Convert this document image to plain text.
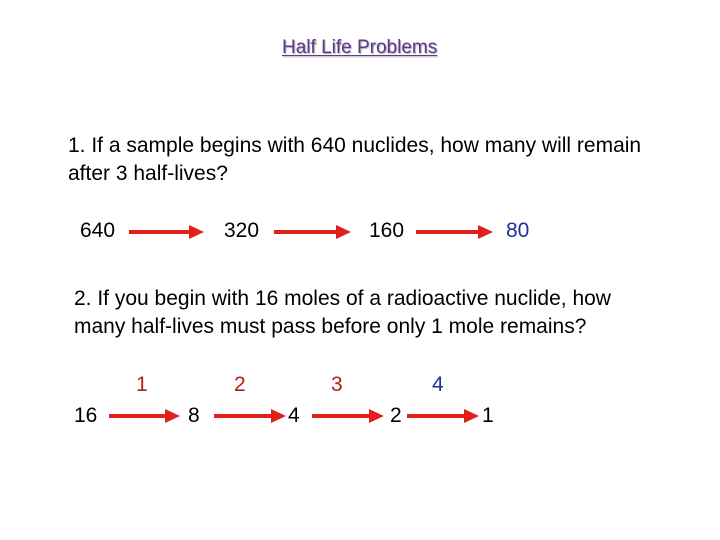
Half Life Problems
1. If a sample begins with 640 nuclides, how many will remain after 3 half-lives?
640	320	160	80
2. If you begin with 16 moles of a radioactive nuclide, how many half-lives must pass before only 1 mole remains?
1	2	3	4
16	8	4	2	1
